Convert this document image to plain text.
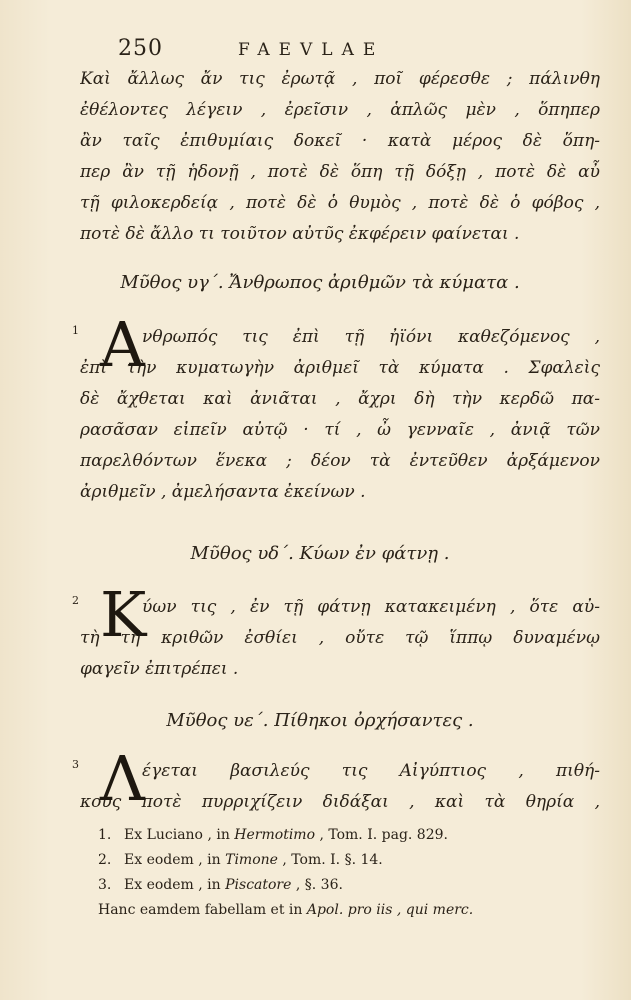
250	FAEVLAE
Καὶ ἄλλως ἄν τις ἐρωτᾷ , ποῖ φέρεσθε ; πάλινθη
ἐθέλοντες λέγειν , ἐρεῖσιν , ἁπλῶς μὲν , ὅπηπερ
ἂν ταῖς ἐπιθυμίαις δοκεῖ · κατὰ μέρος δὲ ὅπη-
περ ἂν τῇ ἡδονῇ , ποτὲ δὲ ὅπη τῇ δόξῃ , ποτὲ δὲ αὖ
τῇ φιλοκερδείᾳ , ποτὲ δὲ ὁ θυμὸς , ποτὲ δὲ ὁ φόβος ,
ποτὲ δὲ ἄλλο τι τοιῦτον αὐτῦς ἐκφέρειν φαίνεται .
Μῦθος υγ΄. Ἄνθρωπος ἀριθμῶν τὰ κύματα .
1 Α
νθρωπός τις ἐπὶ τῇ ἠϊόνι καθεζόμενος ,
ἐπὶ τὴν κυματωγὴν ἀριθμεῖ τὰ κύματα . Σφαλεὶς
δὲ ἄχθεται καὶ ἀνιᾶται , ἄχρι δὴ τὴν κερδῶ πα-
ρασᾶσαν εἰπεῖν αὐτῷ · τί , ὦ γενναῖε , ἀνιᾷ τῶν
παρελθόντων ἕνεκα ; δέον τὰ ἐντεῦθεν ἀρξάμενον
ἀριθμεῖν , ἀμελήσαντα ἐκείνων .
Μῦθος υδ΄. Κύων ἐν φάτνῃ .
2 Κ
ύων τις , ἐν τῇ φάτνῃ κατακειμένη , ὅτε αὐ-
τὴ τῆ κριθῶν ἐσθίει , οὔτε τῷ ἵππῳ δυναμένῳ
φαγεῖν ἐπιτρέπει .
Μῦθος υε΄. Πίθηκοι ὀρχήσαντες .
3 Λ
έγεται βασιλεύς τις Αἰγύπτιος , πιθή-
κους ποτὲ πυρριχίζειν διδάξαι , καὶ τὰ θηρία ,
1. Ex Luciano , in Hermotimo , Tom. I. pag. 829.
2. Ex eodem , in Timone , Tom. I. §. 14.
3. Ex eodem , in Piscatore , §. 36.
Hanc eamdem fabellam et in Apol. pro iis , qui merc.
